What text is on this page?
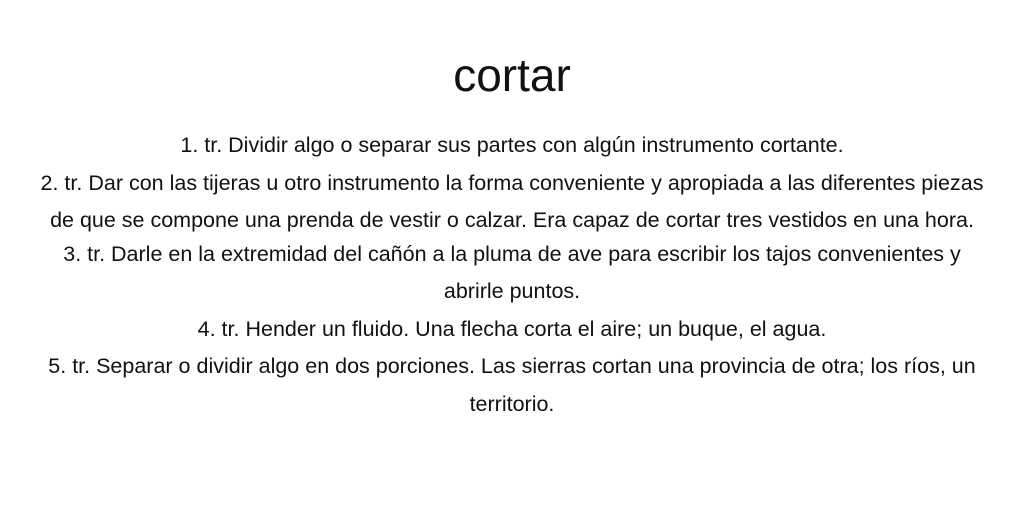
cortar

1. tr. Dividir algo o separar sus partes con algún instrumento cortante.

2. tr. Dar con las tijeras u otro instrumento la forma conveniente y apropiada a las diferentes piezas de que se compone una prenda de vestir o calzar. Era capaz de cortar tres vestidos en una hora.

3. tr. Darle en la extremidad del cañón a la pluma de ave para escribir los tajos convenientes y abrirle puntos.

4. tr. Hender un fluido. Una flecha corta el aire; un buque, el agua.

5. tr. Separar o dividir algo en dos porciones. Las sierras cortan una provincia de otra; los ríos, un territorio.
